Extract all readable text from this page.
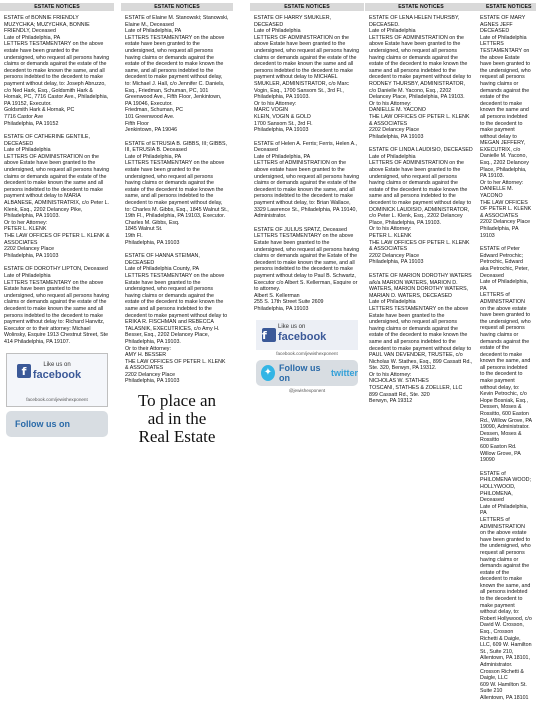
ESTATE NOTICES
ESTATE of BONNIE FRIENDLY MUZYCHKA; MUZYCHKA, BONNIE FRIENDLY, Deceased
Late of Philadelphia, PA
LETTERS TESTAMENTARY on the above estate have been granted to the undersigned, who request all persons having claims or demands against the estate of the decedent to make known the same, and all persons indebted to the decedent to make payment without delay, to: Joseph Abruzzo, c/o Ned Hark, Esq., Goldsmith Hark & Hornak, PC, 7716 Castor Ave., Philadelphia, PA 19152, Executor.
Goldsmith Hark & Hornak, PC
7716 Castor Ave
Philadelphia, PA 19152
ESTATE OF CATHERINE GENTILE, DECEASED
Late of Philadelphia
LETTERS OF ADMINISTRATION on the above Estate have been granted to the undersigned, who request all persons having claims or demands against the estate of the decedent to make known the same and all persons indebted to the decedent to make payment without delay to MARIA ALBANESE, ADMINISTRATRIX, c/o Peter L. Klenk, Esq., 2202 Delancey Pike, Philadelphia, PA 19103.
Or to her Attorney:
PETER L. KLENK
THE LAW OFFICES OF PETER L. KLENK & ASSOCIATES
2202 Delancey Place
Philadelphia, PA 19103
ESTATE OF DOROTHY LIPTON, Deceased
Late of Philadelphia
LETTERS TESTAMENTARY on the above Estate have been granted to the undersigned, who request all persons having claims or demands against the estate of the decedent to make known the same and all persons indebted to the decedent to make payment without delay to: Richard Hanvitz, Executor or to their attorney: Michael Wolinsky, Esquire 1913 Chestnut Street, Ste 414 Philadelphia, PA 19107.
f	Like us on
facebook
facebook.com/jewishexponent
Follow us on
ESTATE NOTICES
ESTATE of Elaine M. Stanowski; Stanowski, Elaine M., Deceased
Late of Philadelphia, PA
LETTERS TESTAMENTARY on the above estate have been granted to the undersigned, who request all persons having claims or demands against the estate of the decedent to make known the same, and all persons indebted to the decedent to make payment without delay, to: Michael J. Hall, c/o Jennifer C. Daniels, Esq., Friedman, Schuman, PC, 101 Greenwood Ave., Fifth Floor, Jenkintown, PA 19046, Executor.
Friedman, Schuman, PC
101 Greenwood Ave.
Fifth Floor
Jenkintown, PA 19046
ESTATE of ETRUSIA B. GIBBS, III; GIBBS, III, ETRUSIA B. Deceased
Late of Philadelphia, PA
LETTERS TESTAMENTARY on the above estate have been granted to the undersigned, who request all persons having claims or demands against the estate of the decedent to make known the same, and all persons indebted to the decedent to make payment without delay, to: Charles M. Gibbs, Esq., 1845 Walnut St., 19th Fl., Philadelphia, PA 19103, Executor.
Charles M. Gibbs, Esq.
1845 Walnut St.
19th Fl.
Philadelphia, PA 19103
ESTATE OF HANNA STEIMAN, DECEASED
Late of Philadelphia County, PA
LETTERS TESTAMENTARY on the above Estate have been granted to the undersigned, who request all persons having claims or demands against the estate of the decedent to make known the same and all persons indebted to the decedent to make payment without delay to ERIKA R. FISCHMAN and REBECCA TALASNIK, EXECUTRICES, c/o Amy H. Besser, Esq., 2202 Delancey Place, Philadelphia, PA 19103.
Or to their Attorney:
AMY H. BESSER
THE LAW OFFICES OF PETER L. KLENK & ASSOCIATES
2202 Delancey Place
Philadelphia, PA 19103
To place an
ad in the
Real Estate
ESTATE NOTICES
ESTATE OF HARRY SMUKLER, DECEASED
Late of Philadelphia
LETTERS OF ADMINISTRATION on the above Estate have been granted to the undersigned, who request all persons having claims or demands against the estate of the decedent to make known the same and all persons indebted to the decedent to make payment without delay to MICHAEL SMUKLER, ADMINISTRATOR, c/o Marc Vogin, Esq., 1700 Sansom St., 3rd Fl., Philadelphia, PA 19103.
Or to his Attorney:
MARC VOGIN
KLEIN, VOGIN & GOLD
1700 Sansom St., 3rd Fl.
Philadelphia, PA 19103
ESTATE of Helen A. Ferris; Ferris, Helen A., Deceased
Late of Philadelphia, PA
LETTERS of ADMINISTRATION on the above estate have been granted to the undersigned, who request all persons having claims or demands against the estate of the decedent to make known the same, and all persons indebted to the decedent to make payment without delay, to: Brian Wallace, 3329 Lawrence St., Philadelphia, PA 19140, Administrator.
ESTATE OF JULIUS SPATZ, Deceased
LETTERS TESTAMENTARY on the above Estate have been granted to the undersigned, who request all persons having claims or demands against the Estate of the decedent to make known the same, and all persons indebted to the decedent to make payment without delay to Paul B. Schwartz, Executor c/o Albert S. Kellerman, Esquire or to attorney.
Albert S. Kellerman
255 S. 17th Street Suite 2609
Philadelphia, PA 19103
f
Like us on
facebook
facebook.com/jewishexponent
✦ Follow us on	twitter
@jewishexponent
ESTATE NOTICES
ESTATE OF LENA HELEN THURSBY, DECEASED.
Late of Philadelphia
LETTERS OF ADMINISTRATION on the above Estate have been granted to the undersigned, who request all persons having claims or demands against the estate of the decedent to make known the same and all persons indebted to the decedent to make payment without delay to RODNEY THURSBY, ADMINISTRATOR, c/o Danielle M. Yacono, Esq., 2202 Delancey Place, Philadelphia, PA 19103.
Or to his Attorney:
DANIELLE M. YACONO
THE LAW OFFICES OF PETER L. KLENK & ASSOCIATES
2202 Delancey Place
Philadelphia, PA 19103
ESTATE OF LINDA LAUDISIO, DECEASED
Late of Philadelphia
LETTERS OF ADMINISTRATION on the above Estate have been granted to the undersigned, who request all persons having claims or demands against the estate of the decedent to make known the same and all persons indebted to the decedent to make payment without delay to DOMINICK LAUDISIO, ADMINISTRATOR, c/o Peter L. Klenk, Esq., 2202 Delancey Place, Philadelphia, PA 19103.
Or to his Attorney:
PETER L. KLENK
THE LAW OFFICES OF PETER L. KLENK & ASSOCIATES
2202 Delancey Place
Philadelphia, PA 19103
ESTATE OF MARION DOROTHY WATERS a/k/a MARION WATERS, MARION D. WATERS, MARION DOROTHY WATERS, MARIAN D. WATERS, DECEASED
Late of Philadelphia
LETTERS TESTAMENTARY on the above Estate have been granted to the undersigned, who request all persons having claims or demands against the estate of the decedent to make known the same and all persons indebted to the decedent to make payment without delay to PAUL VAN DEVENDER, TRUSTEE, c/o Nicholas W. Stathes, Esq., 899 Cassatt Rd., Ste. 320, Berwyn, PA 19312.
Or to his Attorney:
NICHOLAS W. STATHES
TOSCANI, STATHES & ZOELLER, LLC
899 Cassatt Rd., Ste. 320
Berwyn, PA 19312
ESTATE NOTICES
ESTATE OF MARY AGNES JEFF DECEASED
Late of Philadelphia
LETTERS TESTAMENTARY on the above Estate have been granted to the undersigned, who request all persons having claims or demands against the estate of the decedent to make known the same and all persons indebted to the decedent to make payment without delay to MEGAN JEFFERY, EXECUTRIX, c/o Danielle M. Yacono, Esq., 2202 Delancey Place, Philadelphia, PA 19103.
Or to her Attorney:
DANIELLE M. YACONO
THE LAW OFFICES OF PETER L. KLENK & ASSOCIATES
2202 Delancey Place
Philadelphia, PA 19103
ESTATE of Peter Edward Petrochic; Petrochic, Edward aka Petrochic, Peter, Deceased
Late of Philadelphia, PA
LETTERS of ADMINISTRATION on the above estate have been granted to the undersigned, who request all persons having claims or demands against the estate of the decedent to make known the same, and all persons indebted to the decedent to make payment without delay, to: Kevin Petrochic, c/o Hope Bosniak, Esq., Dessen, Moses & Rossitto, 600 Easton Rd., Willow Grove, PA 19090, Administrator.
Dessen, Moses & Rossitto
600 Easton Rd.
Willow Grove, PA 19090
ESTATE of PHILOMENA WOOD; HOLLYWOOD, PHILOMENA, Deceased
Late of Philadelphia, PA
LETTERS of ADMINISTRATION on the above estate have been granted to the undersigned, who request all persons having claims or demands against the estate of the decedent to make known the same, and all persons indebted to the decedent to make payment without delay, to: Robert Hollywood, c/o David W. Crosson, Esq., Crosson Richetti & Daigle, LLC, 609 W. Hamilton St., Suite 210, Allentown, PA 18101, Administrator.
Crosson Richetti & Daigle, LLC
609 W. Hamilton St.
Suite 210
Allentown, PA 18101
